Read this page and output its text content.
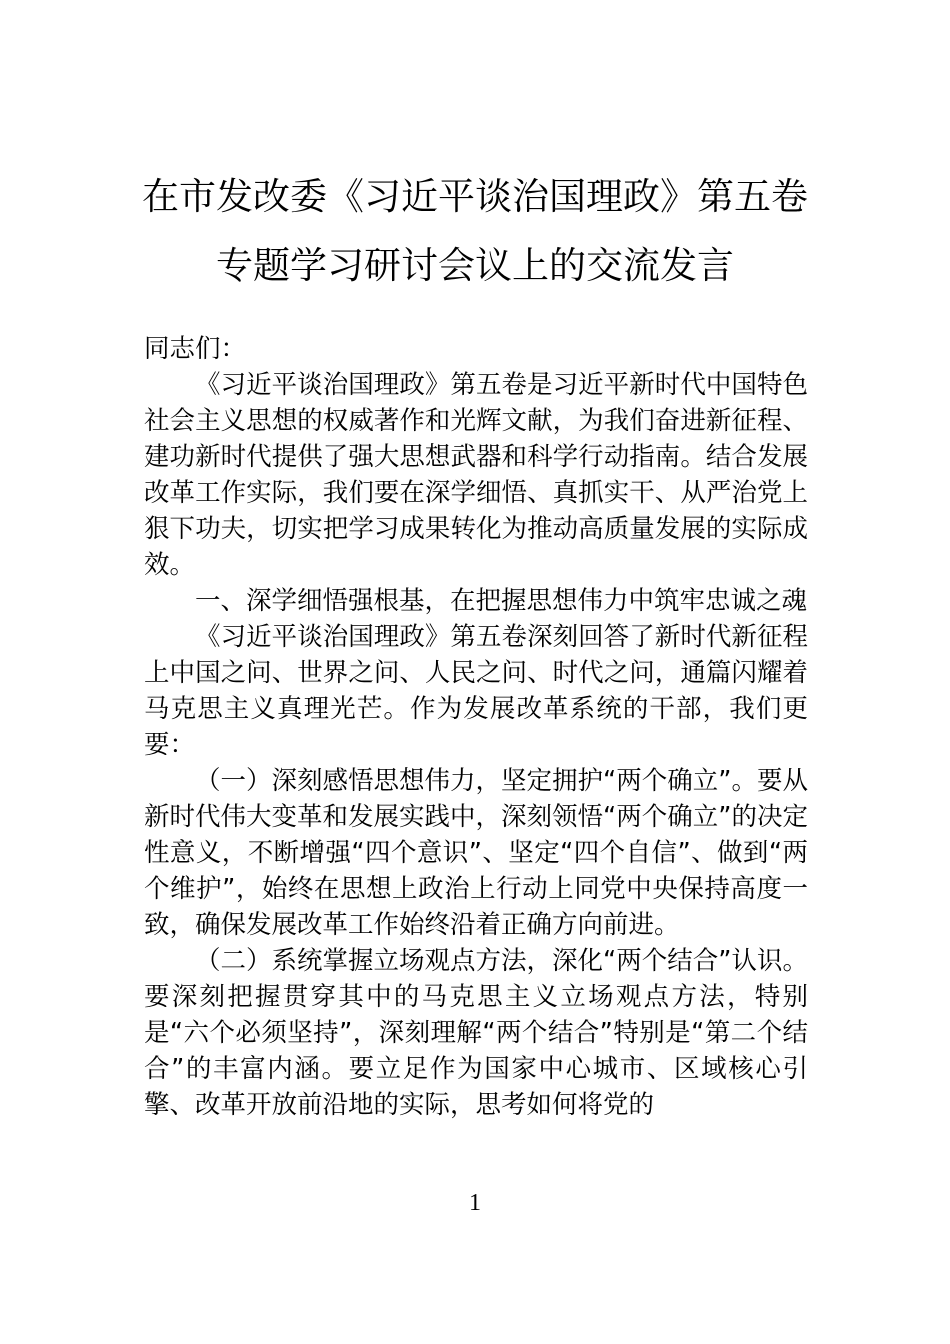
在市发改委《习近平谈治国理政》第五卷
专题学习研讨会议上的交流发言

同志们：

《习近平谈治国理政》第五卷是习近平新时代中国特色社会主义思想的权威著作和光辉文献，为我们奋进新征程、建功新时代提供了强大思想武器和科学行动指南。结合发展改革工作实际，我们要在深学细悟、真抓实干、从严治党上狠下功夫，切实把学习成果转化为推动高质量发展的实际成效。

一、深学细悟强根基，在把握思想伟力中筑牢忠诚之魂

《习近平谈治国理政》第五卷深刻回答了新时代新征程上中国之问、世界之问、人民之问、时代之问，通篇闪耀着马克思主义真理光芒。作为发展改革系统的干部，我们更要：

（一）深刻感悟思想伟力，坚定拥护“两个确立”。要从新时代伟大变革和发展实践中，深刻领悟“两个确立”的决定性意义，不断增强“四个意识”、坚定“四个自信”、做到“两个维护”，始终在思想上政治上行动上同党中央保持高度一致，确保发展改革工作始终沿着正确方向前进。

（二）系统掌握立场观点方法，深化“两个结合”认识。要深刻把握贯穿其中的马克思主义立场观点方法，特别是“六个必须坚持”，深刻理解“两个结合”特别是“第二个结合”的丰富内涵。要立足作为国家中心城市、区域核心引擎、改革开放前沿地的实际，思考如何将党的

1
